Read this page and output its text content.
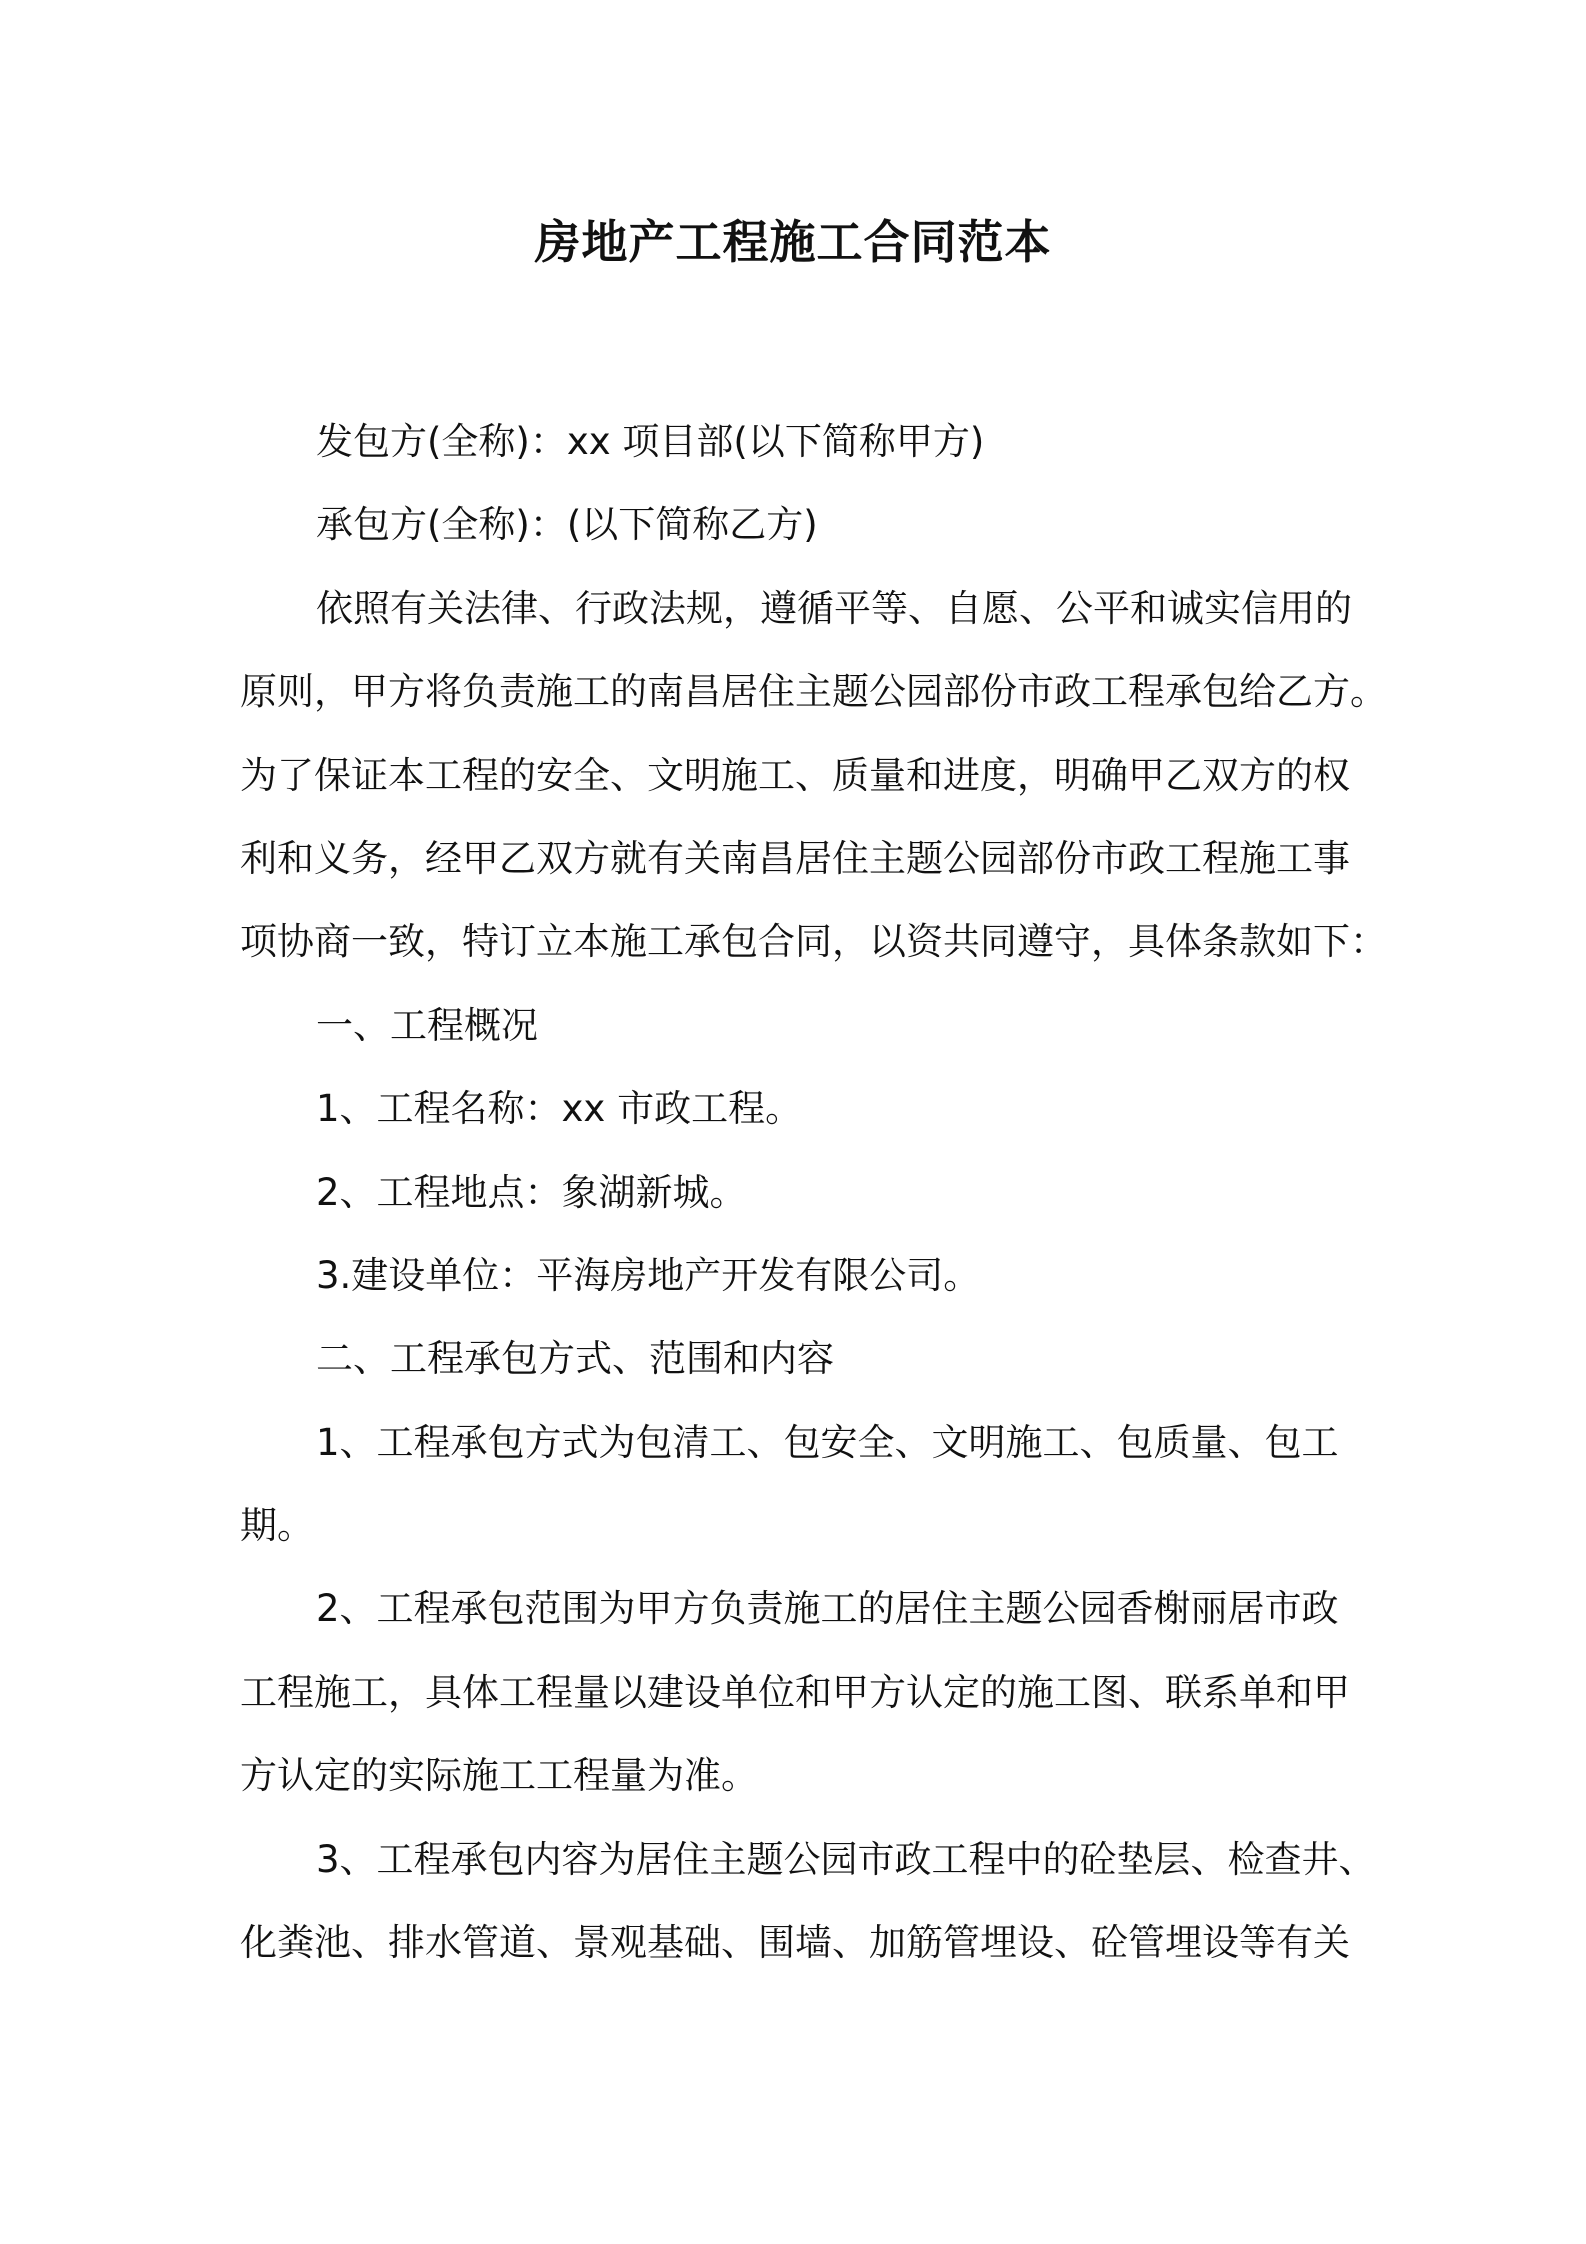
房地产工程施工合同范本
发包方(全称)：xx 项目部(以下简称甲方)
承包方(全称)：(以下简称乙方)
依照有关法律、行政法规，遵循平等、自愿、公平和诚实信用的
原则，甲方将负责施工的南昌居住主题公园部份市政工程承包给乙方。
为了保证本工程的安全、文明施工、质量和进度，明确甲乙双方的权
利和义务，经甲乙双方就有关南昌居住主题公园部份市政工程施工事
项协商一致，特订立本施工承包合同，以资共同遵守，具体条款如下：
一、工程概况
1、工程名称：xx 市政工程。
2、工程地点：象湖新城。
3.建设单位：平海房地产开发有限公司。
二、工程承包方式、范围和内容
1、工程承包方式为包清工、包安全、文明施工、包质量、包工
期。
2、工程承包范围为甲方负责施工的居住主题公园香榭丽居市政
工程施工，具体工程量以建设单位和甲方认定的施工图、联系单和甲
方认定的实际施工工程量为准。
3、工程承包内容为居住主题公园市政工程中的砼垫层、检查井、
化粪池、排水管道、景观基础、围墙、加筋管埋设、砼管埋设等有关
